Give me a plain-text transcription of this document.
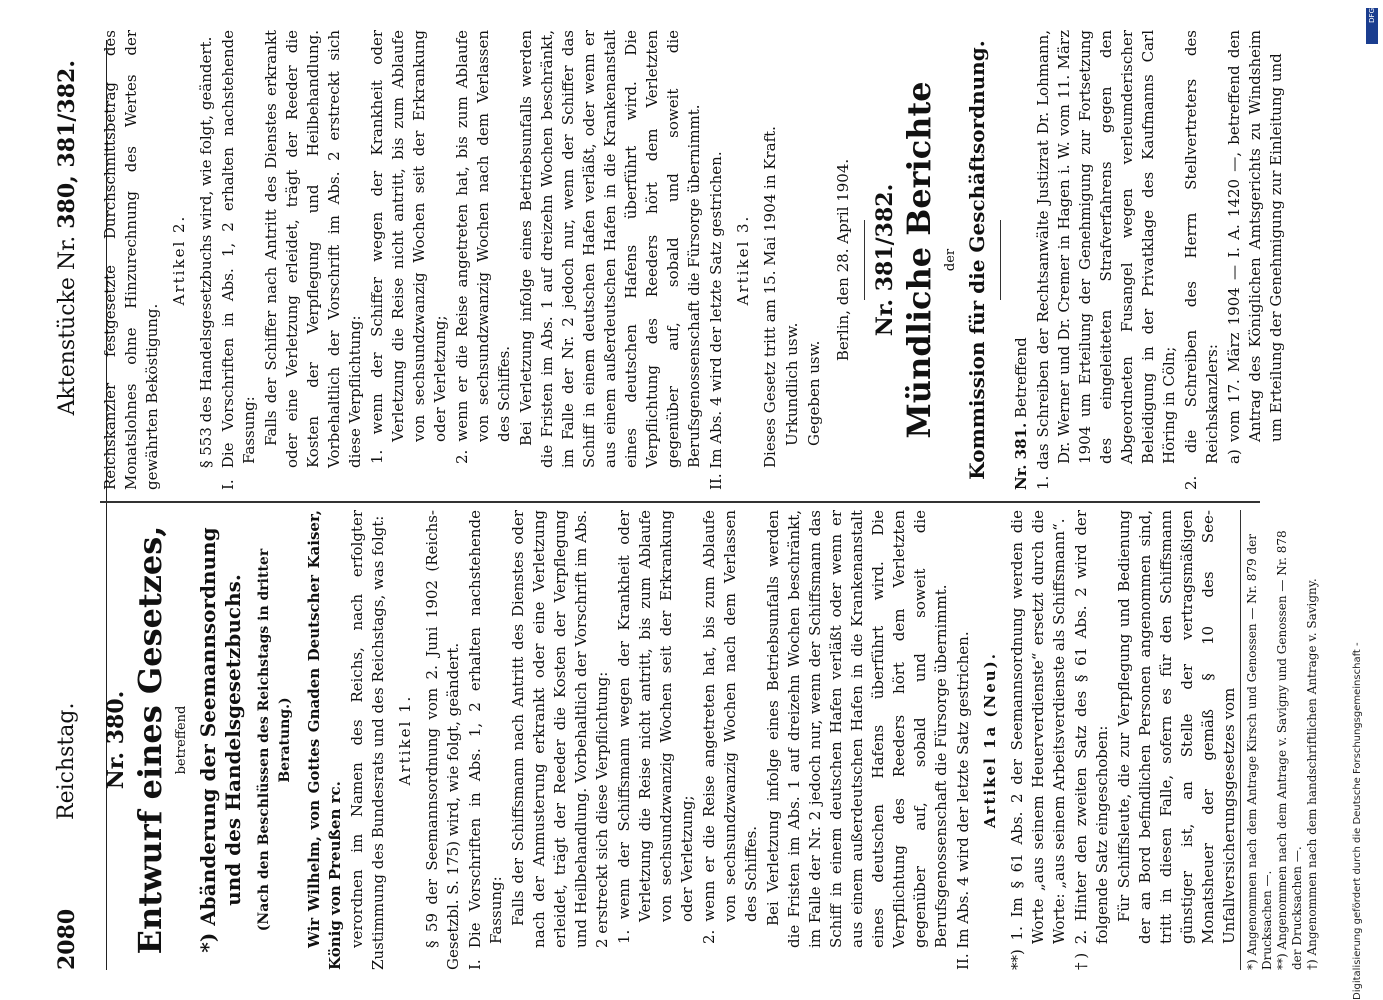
2080
Reichstag.
Aktenstücke Nr. 380, 381/382.
Nr. 380. Entwurf eines Gesetzes, betreffend *) Abänderung der Seemannsordnung und des Handelsgesetzbuchs. (Nach den Beschlüssen des Reichstags in dritter Beratung.) Wir Wilhelm, von Gottes Gnaden Deutscher Kaiser, König von Preußen rc. verordnen im Namen des Reichs, nach erfolgter Zustimmung des Bundesrats und des Reichstags, was folgt: Artikel 1. § 59 der Seemannsordnung vom 2. Juni 1902 (Reichs-Gesetzbl. S. 175) wird, wie folgt, geändert. I. Die Vorschriften in Abs. 1, 2 erhalten nachstehende Fassung: Falls der Schiffsmann nach Antritt des Dienstes oder nach der Anmusterung erkrankt oder eine Verletzung erleidet, trägt der Reeder die Kosten der Verpflegung und Heilbehandlung. Vorbehaltlich der Vorschrift im Abs. 2 erstreckt sich diese Verpflichtung: 1. wenn der Schiffsmann wegen der Krankheit oder Verletzung die Reise nicht antritt, bis zum Ablaufe von sechsundzwanzig Wochen seit der Erkrankung oder Verletzung; 2. wenn er die Reise angetreten hat, bis zum Ablaufe von sechsundzwanzig Wochen nach dem Verlassen des Schiffes. Bei Verletzung infolge eines Betriebsunfalls werden die Fristen im Abs. 1 auf dreizehn Wochen beschränkt, im Falle der Nr. 2 jedoch nur, wenn der Schiffsmann das Schiff in einem deutschen Hafen verläßt oder wenn er aus einem außerdeutschen Hafen in die Krankenanstalt eines deutschen Hafens überführt wird. Die Verpflichtung des Reeders hört dem Verletzten gegenüber auf, sobald und soweit die Berufsgenossenschaft die Fürsorge übernimmt. II. Im Abs. 4 wird der letzte Satz gestrichen. Artikel 1a (Neu). **) 1. Im § 61 Abs. 2 der Seemannsordnung werden die Worte „aus seinem Heuerverdienste“ ersetzt durch die Worte: „aus seinem Arbeitsverdienste als Schiffsmann“. †) 2. Hinter den zweiten Satz des § 61 Abs. 2 wird der folgende Satz eingeschoben: Für Schiffsleute, die zur Verpflegung und Bedienung der an Bord befindlichen Personen angenommen sind, tritt in diesen Falle, sofern es für den Schiffsmann günstiger ist, an Stelle der vertragsmäßigen Monatsheuer der gemäß § 10 des See-Unfallversicherungsgesetzes vom *) Angenommen nach dem Antrage Kirsch und Genossen — Nr. 879 der Drucksachen —. **) Angenommen nach dem Antrage v. Savigny und Genossen — Nr. 878 der Drucksachen —. †) Angenommen nach dem handschriftlichen Antrage v. Savigny.

Reichskanzler festgesetzte Durchschnittsbetrag des Monatslohnes ohne Hinzurechnung des Wertes der gewährten Beköstigung.

Artikel 2. § 553 des Handelsgesetzbuchs wird, wie folgt, geändert. I. Die Vorschriften in Abs. 1, 2 erhalten nachstehende Fassung: Falls der Schiffer nach Antritt des Dienstes erkrankt oder eine Verletzung erleidet, trägt der Reeder die Kosten der Verpflegung und Heilbehandlung. Vorbehaltlich der Vorschrift im Abs. 2 erstreckt sich diese Verpflichtung: 1. wenn der Schiffer wegen der Krankheit oder Verletzung die Reise nicht antritt, bis zum Ablaufe von sechsundzwanzig Wochen seit der Erkrankung oder Verletzung; 2. wenn er die Reise angetreten hat, bis zum Ablaufe von sechsundzwanzig Wochen nach dem Verlassen des Schiffes. Bei Verletzung infolge eines Betriebsunfalls werden die Fristen im Abs. 1 auf dreizehn Wochen beschränkt, im Falle der Nr. 2 jedoch nur, wenn der Schiffer das Schiff in einem deutschen Hafen verläßt, oder wenn er aus einem außerdeutschen Hafen in die Krankenanstalt eines deutschen Hafens überführt wird. Die Verpflichtung des Reeders hört dem Verletzten gegenüber auf, sobald und soweit die Berufsgenossenschaft die Fürsorge übernimmt. II. Im Abs. 4 wird der letzte Satz gestrichen. Artikel 3. Dieses Gesetz tritt am 15. Mai 1904 in Kraft. Urkundlich usw. Gegeben usw.

Berlin, den 28. April 1904. Nr. 381/382. Mündliche Berichte der Kommission für die Geschäftsordnung. Nr. 381. Betreffend 1. das Schreiben der Rechtsanwälte Justizrat Dr. Lohmann, Dr. Werner und Dr. Cremer in Hagen i. W. vom 11. März 1904 um Erteilung der Genehmigung zur Fortsetzung des eingeleiteten Strafverfahrens gegen den Abgeordneten Fusangel wegen verleumderischer Beleidigung in der Privatklage des Kaufmanns Carl Höring in Cöln; 2. die Schreiben des Herrn Stellvertreters des Reichskanzlers: a) vom 17. März 1904 — I. A. 1420 —, betreffend den Antrag des Königlichen Amtsgerichts zu Windsheim um Erteilung der Genehmigung zur Einleitung und

Digitalisierung gefördert durch die Deutsche Forschungsgemeinschaft -
DFG
